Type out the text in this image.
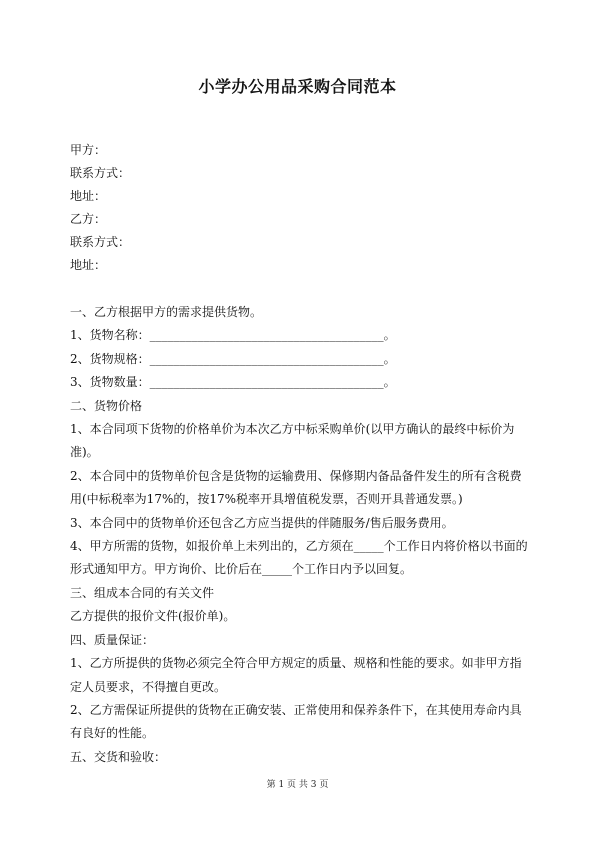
小学办公用品采购合同范本
甲方：
联系方式：
地址：
乙方：
联系方式：
地址：
一、乙方根据甲方的需求提供货物。
1、货物名称：_______________________________________。
2、货物规格：_______________________________________。
3、货物数量：_______________________________________。
二、货物价格
1、本合同项下货物的价格单价为本次乙方中标采购单价(以甲方确认的最终中标价为
准)。
2、本合同中的货物单价包含是货物的运输费用、保修期内备品备件发生的所有含税费
用(中标税率为17%的，按17%税率开具增值税发票，否则开具普通发票。)
3、本合同中的货物单价还包含乙方应当提供的伴随服务/售后服务费用。
4、甲方所需的货物，如报价单上未列出的，乙方须在_____个工作日内将价格以书面的
形式通知甲方。甲方询价、比价后在_____个工作日内予以回复。
三、组成本合同的有关文件
乙方提供的报价文件(报价单)。
四、质量保证：
1、乙方所提供的货物必须完全符合甲方规定的质量、规格和性能的要求。如非甲方指
定人员要求，不得擅自更改。
2、乙方需保证所提供的货物在正确安装、正常使用和保养条件下，在其使用寿命内具
有良好的性能。
五、交货和验收：
第 1 页 共 3 页
